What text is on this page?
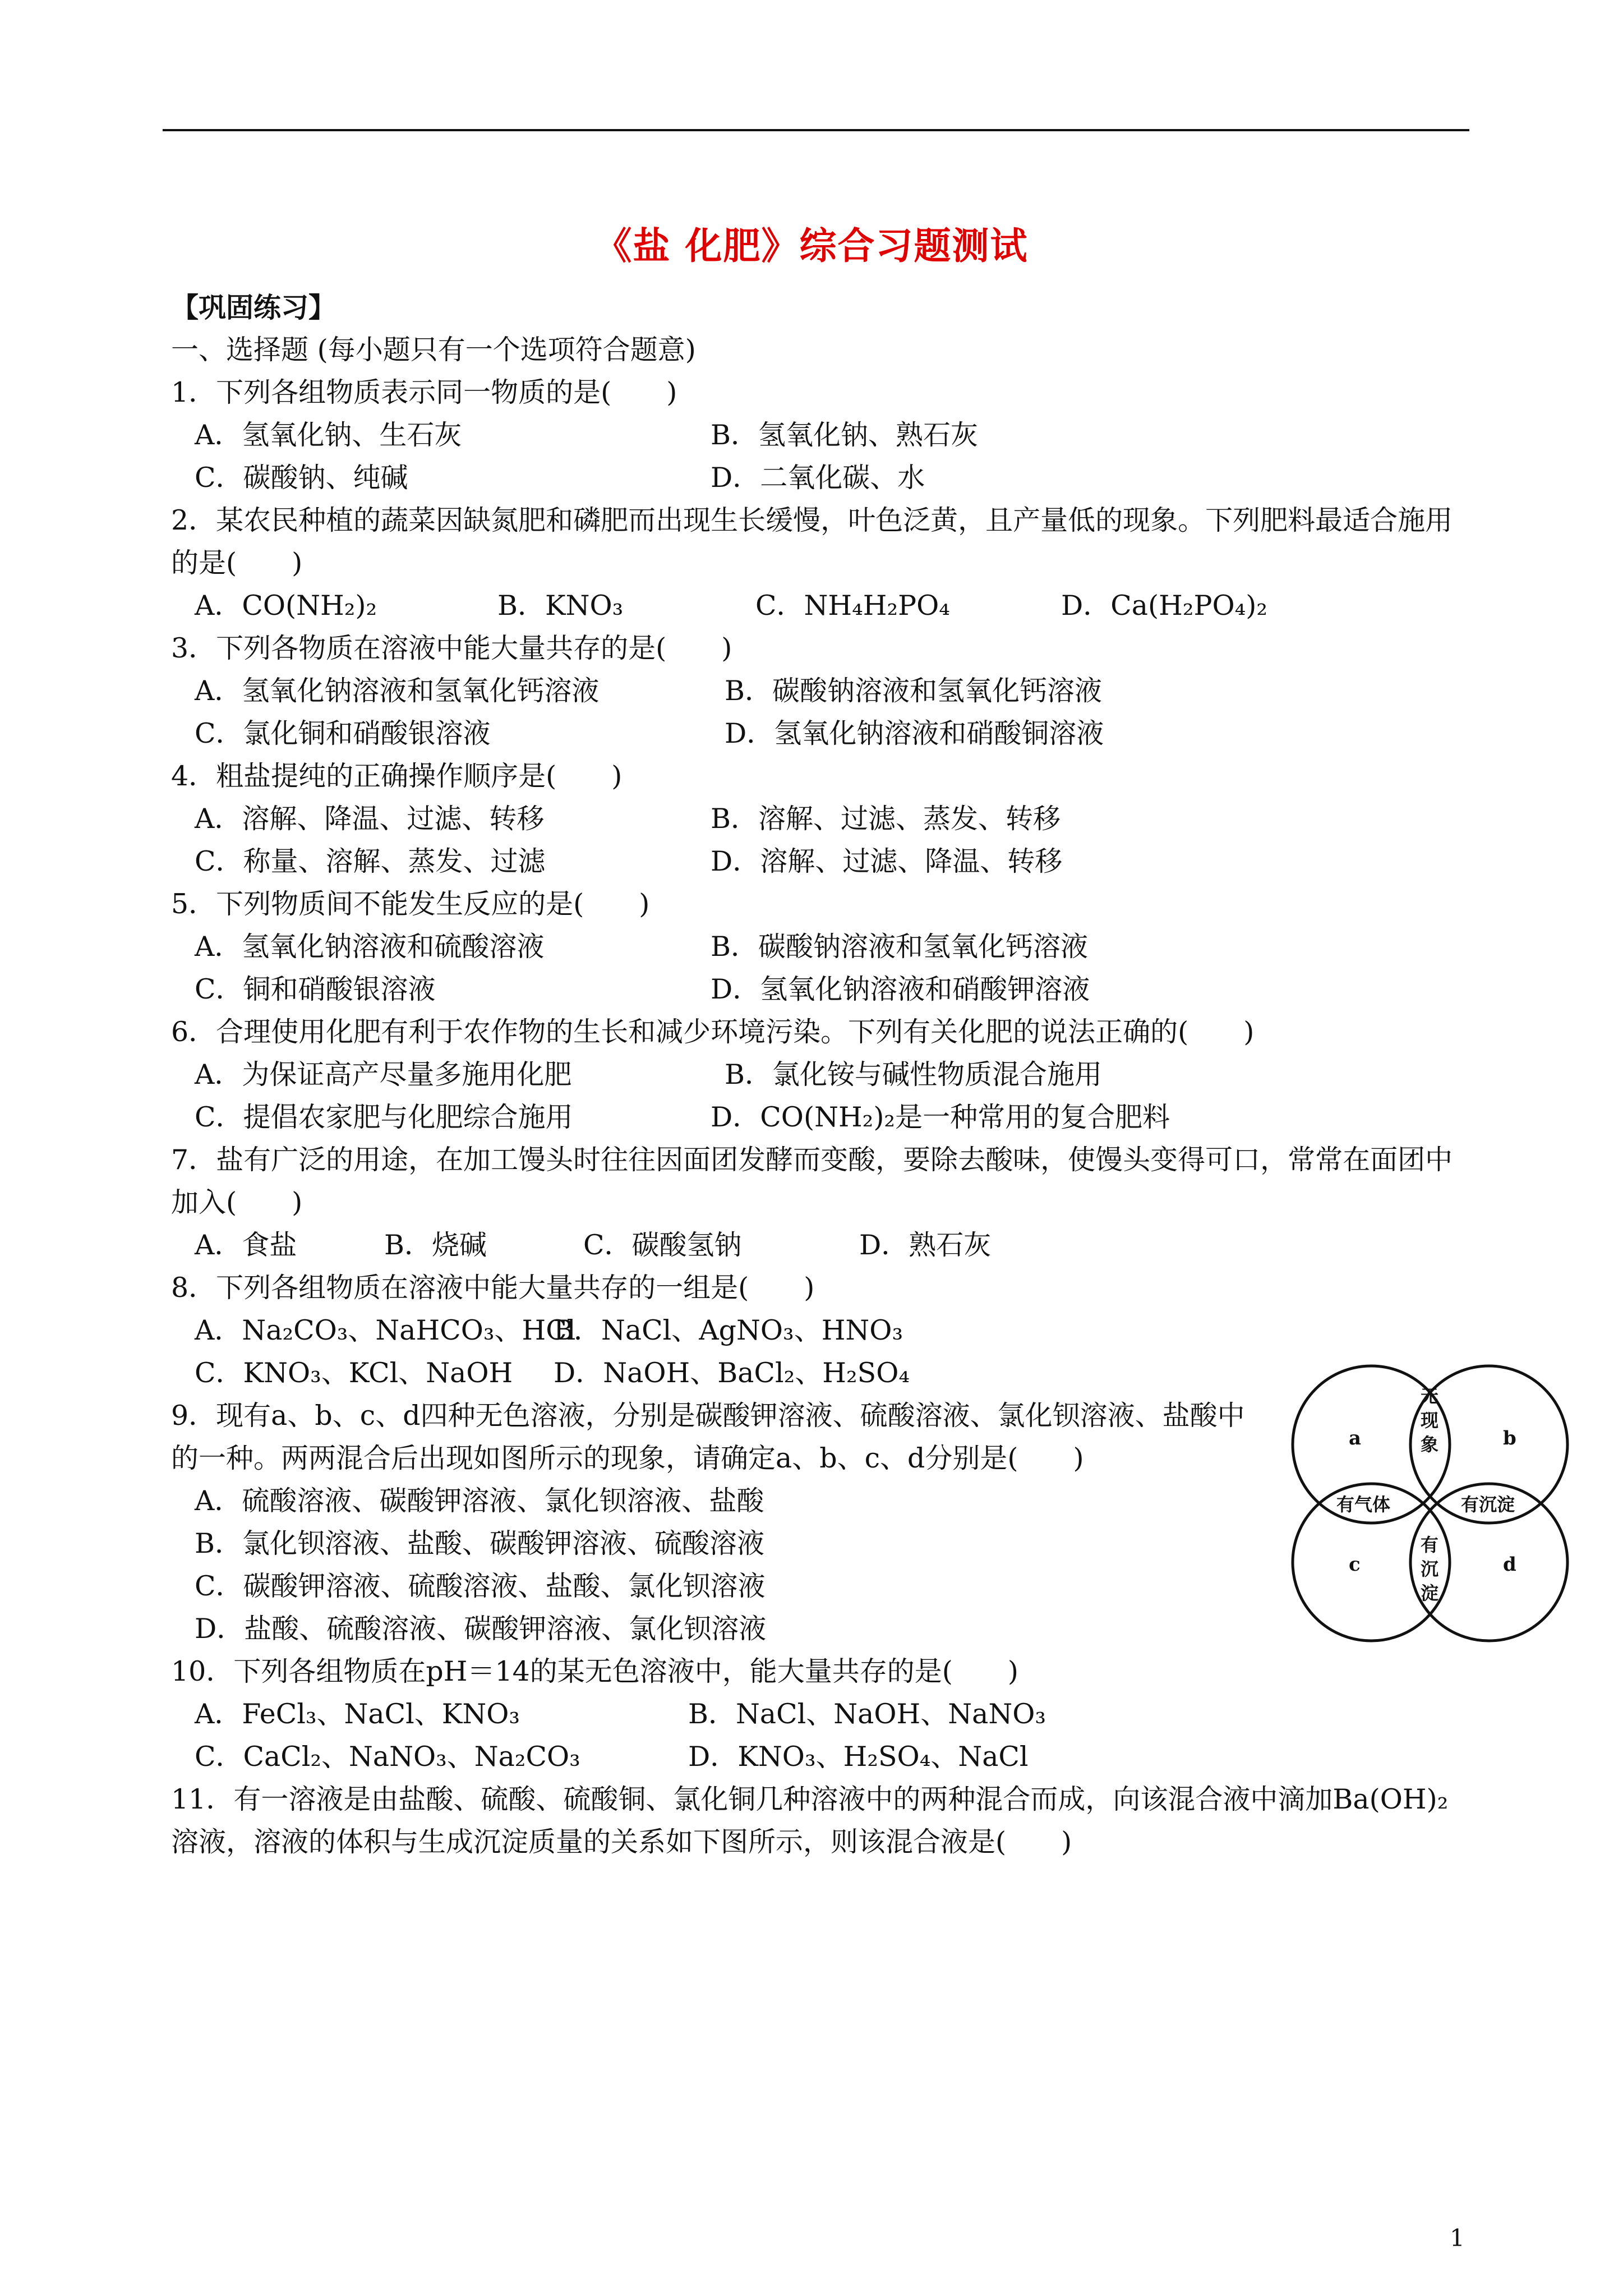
《盐 化肥》综合习题测试
【巩固练习】
一、选择题 (每小题只有一个选项符合题意)
1．下列各组物质表示同一物质的是(　　)
A．氢氧化钠、生石灰	B．氢氧化钠、熟石灰
C．碳酸钠、纯碱	D．二氧化碳、水
2．某农民种植的蔬菜因缺氮肥和磷肥而出现生长缓慢，叶色泛黄，且产量低的现象。下列肥料最适合施用的是(　　)
A．CO(NH₂)₂	B．KNO₃	C．NH₄H₂PO₄	D．Ca(H₂PO₄)₂
3．下列各物质在溶液中能大量共存的是(　　)
A．氢氧化钠溶液和氢氧化钙溶液	B．碳酸钠溶液和氢氧化钙溶液
C．氯化铜和硝酸银溶液	D．氢氧化钠溶液和硝酸铜溶液
4．粗盐提纯的正确操作顺序是(　　)
A．溶解、降温、过滤、转移	B．溶解、过滤、蒸发、转移
C．称量、溶解、蒸发、过滤	D．溶解、过滤、降温、转移
5．下列物质间不能发生反应的是(　　)
A．氢氧化钠溶液和硫酸溶液	B．碳酸钠溶液和氢氧化钙溶液
C．铜和硝酸银溶液	D．氢氧化钠溶液和硝酸钾溶液
6．合理使用化肥有利于农作物的生长和减少环境污染。下列有关化肥的说法正确的(　　)
A．为保证高产尽量多施用化肥	B．氯化铵与碱性物质混合施用
C．提倡农家肥与化肥综合施用	D．CO(NH₂)₂是一种常用的复合肥料
7．盐有广泛的用途，在加工馒头时往往因面团发酵而变酸，要除去酸味，使馒头变得可口，常常在面团中加入(　　)
A．食盐	B．烧碱	C．碳酸氢钠	D．熟石灰
8．下列各组物质在溶液中能大量共存的一组是(　　)
A．Na₂CO₃、NaHCO₃、HCl
B．NaCl、AgNO₃、HNO₃
C．KNO₃、KCl、NaOH	D．NaOH、BaCl₂、H₂SO₄
9．现有a、b、c、d四种无色溶液，分别是碳酸钾溶液、硫酸溶液、氯化钡溶液、盐酸中的一种。两两混合后出现如图所示的现象，请确定a、b、c、d分别是(　　)
A．硫酸溶液、碳酸钾溶液、氯化钡溶液、盐酸
B．氯化钡溶液、盐酸、碳酸钾溶液、硫酸溶液
C．碳酸钾溶液、硫酸溶液、盐酸、氯化钡溶液
D．盐酸、硫酸溶液、碳酸钾溶液、氯化钡溶液
10．下列各组物质在pH＝14的某无色溶液中，能大量共存的是(　　)
A．FeCl₃、NaCl、KNO₃	B．NaCl、NaOH、NaNO₃
C．CaCl₂、NaNO₃、Na₂CO₃	D．KNO₃、H₂SO₄、NaCl
11．有一溶液是由盐酸、硫酸、硫酸铜、氯化铜几种溶液中的两种混合而成，向该混合液中滴加Ba(OH)₂溶液，溶液的体积与生成沉淀质量的关系如下图所示，则该混合液是(　　)
a	b
c	d
无
现
象
有气体	有沉淀
有
沉
淀
1
